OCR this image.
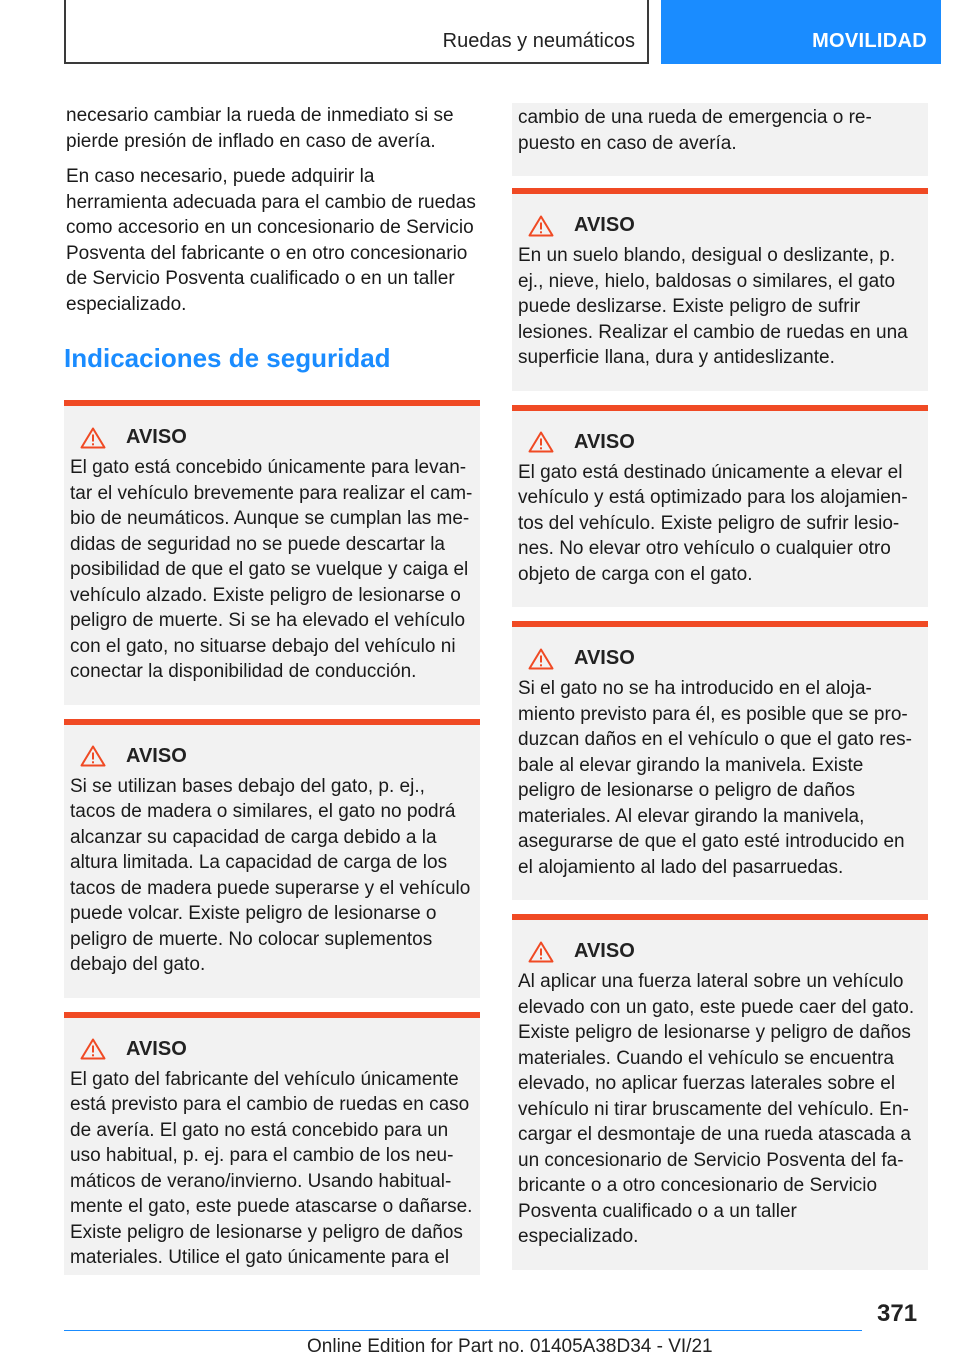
Ruedas y neumáticos	MOVILIDAD

necesario cambiar la rueda de inmediato si se pierde presión de inflado en caso de avería.

En caso necesario, puede adquirir la herramienta adecuada para el cambio de ruedas como accesorio en un concesionario de Servicio Posventa del fabricante o en otro concesionario de Servicio Posventa cualificado o en un taller especializado.

Indicaciones de seguridad
AVISO

El gato está concebido únicamente para levantar el vehículo brevemente para realizar el cambio de neumáticos. Aunque se cumplan las medidas de seguridad no se puede descartar la posibilidad de que el gato se vuelque y caiga el vehículo alzado. Existe peligro de lesionarse o peligro de muerte. Si se ha elevado el vehículo con el gato, no situarse debajo del vehículo ni conectar la disponibilidad de conducción.

AVISO

Si se utilizan bases debajo del gato, p. ej., tacos de madera o similares, el gato no podrá alcanzar su capacidad de carga debido a la altura limitada. La capacidad de carga de los tacos de madera puede superarse y el vehículo puede volcar. Existe peligro de lesionarse o peligro de muerte. No colocar suplementos debajo del gato.

AVISO

El gato del fabricante del vehículo únicamente está previsto para el cambio de ruedas en caso de avería. El gato no está concebido para un uso habitual, p. ej. para el cambio de los neumáticos de verano/invierno. Usando habitualmente el gato, este puede atascarse o dañarse. Existe peligro de lesionarse y peligro de daños materiales. Utilice el gato únicamente para el

cambio de una rueda de emergencia o repuesto en caso de avería.

AVISO

En un suelo blando, desigual o deslizante, p. ej., nieve, hielo, baldosas o similares, el gato puede deslizarse. Existe peligro de sufrir lesiones. Realizar el cambio de ruedas en una superficie llana, dura y antideslizante.

AVISO

El gato está destinado únicamente a elevar el vehículo y está optimizado para los alojamientos del vehículo. Existe peligro de sufrir lesiones. No elevar otro vehículo o cualquier otro objeto de carga con el gato.

AVISO

Si el gato no se ha introducido en el alojamiento previsto para él, es posible que se produzcan daños en el vehículo o que el gato resbale al elevar girando la manivela. Existe peligro de lesionarse o peligro de daños materiales. Al elevar girando la manivela, asegurarse de que el gato esté introducido en el alojamiento al lado del pasarruedas.

AVISO

Al aplicar una fuerza lateral sobre un vehículo elevado con un gato, este puede caer del gato. Existe peligro de lesionarse y peligro de daños materiales. Cuando el vehículo se encuentra elevado, no aplicar fuerzas laterales sobre el vehículo ni tirar bruscamente del vehículo. Encargar el desmontaje de una rueda atascada a un concesionario de Servicio Posventa del fabricante o a otro concesionario de Servicio Posventa cualificado o a un taller especializado.

371
Online Edition for Part no. 01405A38D34 - VI/21
